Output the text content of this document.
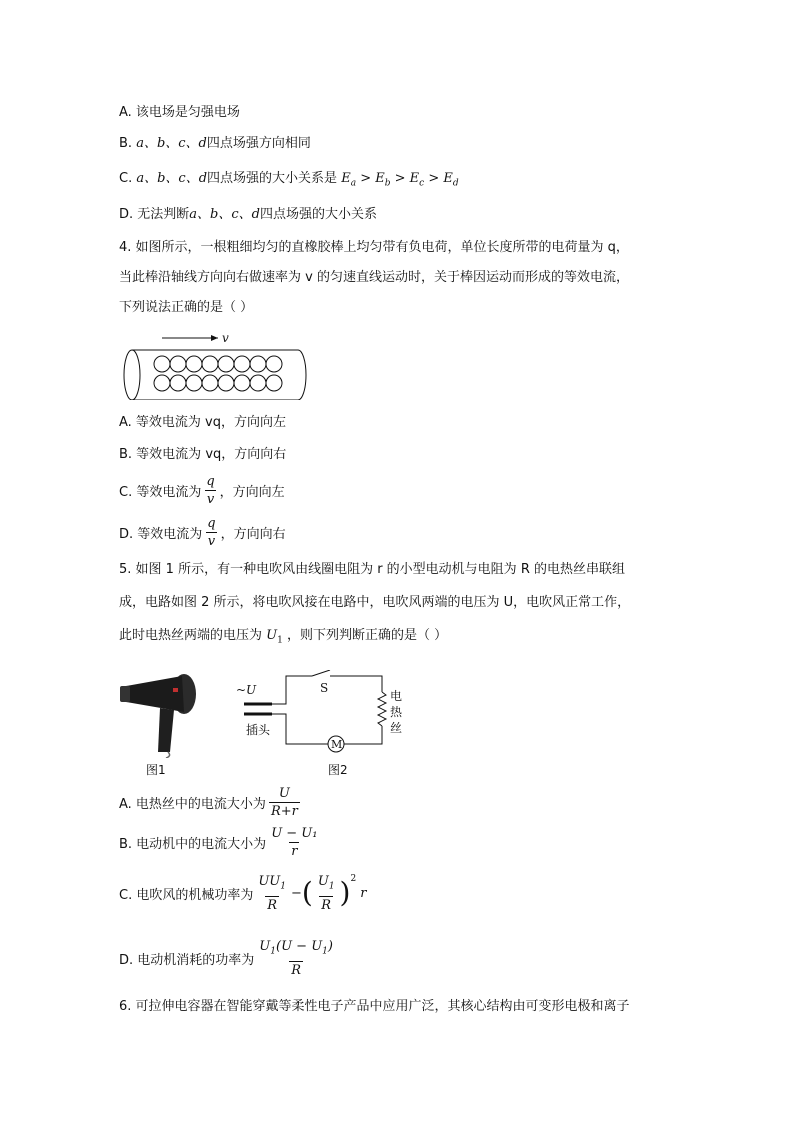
A. 该电场是匀强电场
B. a、b、c、d四点场强方向相同
C. a、b、c、d四点场强的大小关系是 $E_a > E_b > E_c > E_d$
D. 无法判断a、b、c、d四点场强的大小关系
4. 如图所示，一根粗细均匀的直橡胶棒上均匀带有负电荷，单位长度所带的电荷量为 q，
当此棒沿轴线方向向右做速率为 v 的匀速直线运动时，关于棒因运动而形成的等效电流，
下列说法正确的是（ ）
v
A. 等效电流为 vq，方向向左
B. 等效电流为 vq，方向向右
C. 等效电流为 $\frac{q}{v}$ ，方向向左
D. 等效电流为 $\frac{q}{v}$ ，方向向右
5. 如图 1 所示，有一种电吹风由线圈电阻为 r 的小型电动机与电阻为 R 的电热丝串联组
成，电路如图 2 所示，将电吹风接在电路中，电吹风两端的电压为 U，电吹风正常工作，
此时电热丝两端的电压为 $U_1$ ，则下列判断正确的是（ ）
图1
~U
插头
S
电
热
丝
M
图2
A. 电热丝中的电流大小为 $\frac{U}{R+r}$
B. 电动机中的电流大小为 $\frac{\text{U − U₁}}{r}$
C. 电吹风的机械功率为 $\frac{UU_1}{R}$ − ( $\frac{U_1}{R}$ ) 2
r
D. 电动机消耗的功率为 $\frac{U_1(U - U_1)}{R}$
6. 可拉伸电容器在智能穿戴等柔性电子产品中应用广泛，其核心结构由可变形电极和离子
